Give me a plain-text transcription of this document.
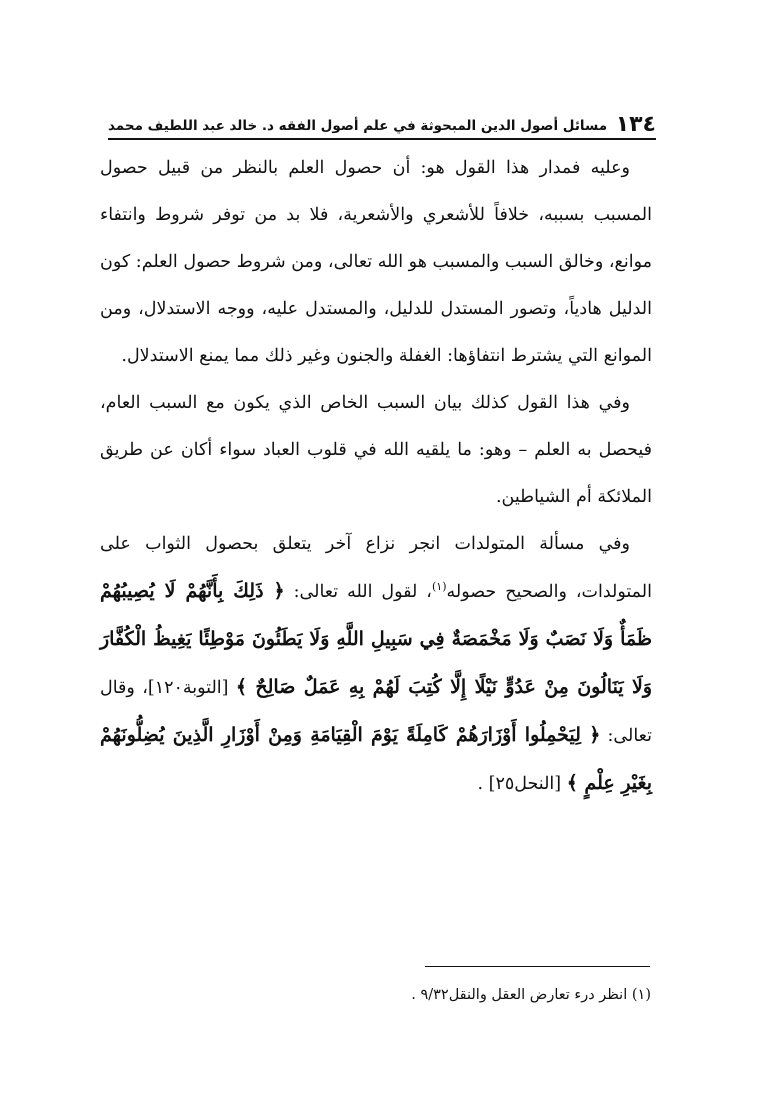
١٣٤
مسائل أصول الدين المبحوثة في علم أصول الفقه د. خالد عبد اللطيف محمد

وعليه فمدار هذا القول هو: أن حصول العلم بالنظر من قبيل حصول المسبب بسببه، خلافاً للأشعري والأشعرية، فلا بد من توفر شروط وانتفاء موانع، وخالق السبب والمسبب هو الله تعالى، ومن شروط حصول العلم: كون الدليل هادياً، وتصور المستدل للدليل، والمستدل عليه، ووجه الاستدلال، ومن الموانع التي يشترط انتفاؤها: الغفلة والجنون وغير ذلك مما يمنع الاستدلال.

وفي هذا القول كذلك بيان السبب الخاص الذي يكون مع السبب العام، فيحصل به العلم – وهو: ما يلقيه الله في قلوب العباد سواء أكان عن طريق الملائكة أم الشياطين.

وفي مسألة المتولدات انجر نزاع آخر يتعلق بحصول الثواب على المتولدات، والصحيح حصوله$^{(١)}$، لقول الله تعالى: ﴿ ذَلِكَ بِأَنَّهُمْ لَا يُصِيبُهُمْ ظَمَأٌ وَلَا نَصَبٌ وَلَا مَخْمَصَةٌ فِي سَبِيلِ اللَّهِ وَلَا يَطَئُونَ مَوْطِئًا يَغِيظُ الْكُفَّارَ وَلَا يَنَالُونَ مِنْ عَدُوٍّ نَيْلًا إِلَّا كُتِبَ لَهُمْ بِهِ عَمَلٌ صَالِحٌ ﴾ [التوبة١٢٠]، وقال تعالى: ﴿ لِيَحْمِلُوا أَوْزَارَهُمْ كَامِلَةً يَوْمَ الْقِيَامَةِ وَمِنْ أَوْزَارِ الَّذِينَ يُضِلُّونَهُمْ بِغَيْرِ عِلْمٍ ﴾ [النحل٢٥] .

(١) انظر درء تعارض العقل والنقل٩/٣٢ .
